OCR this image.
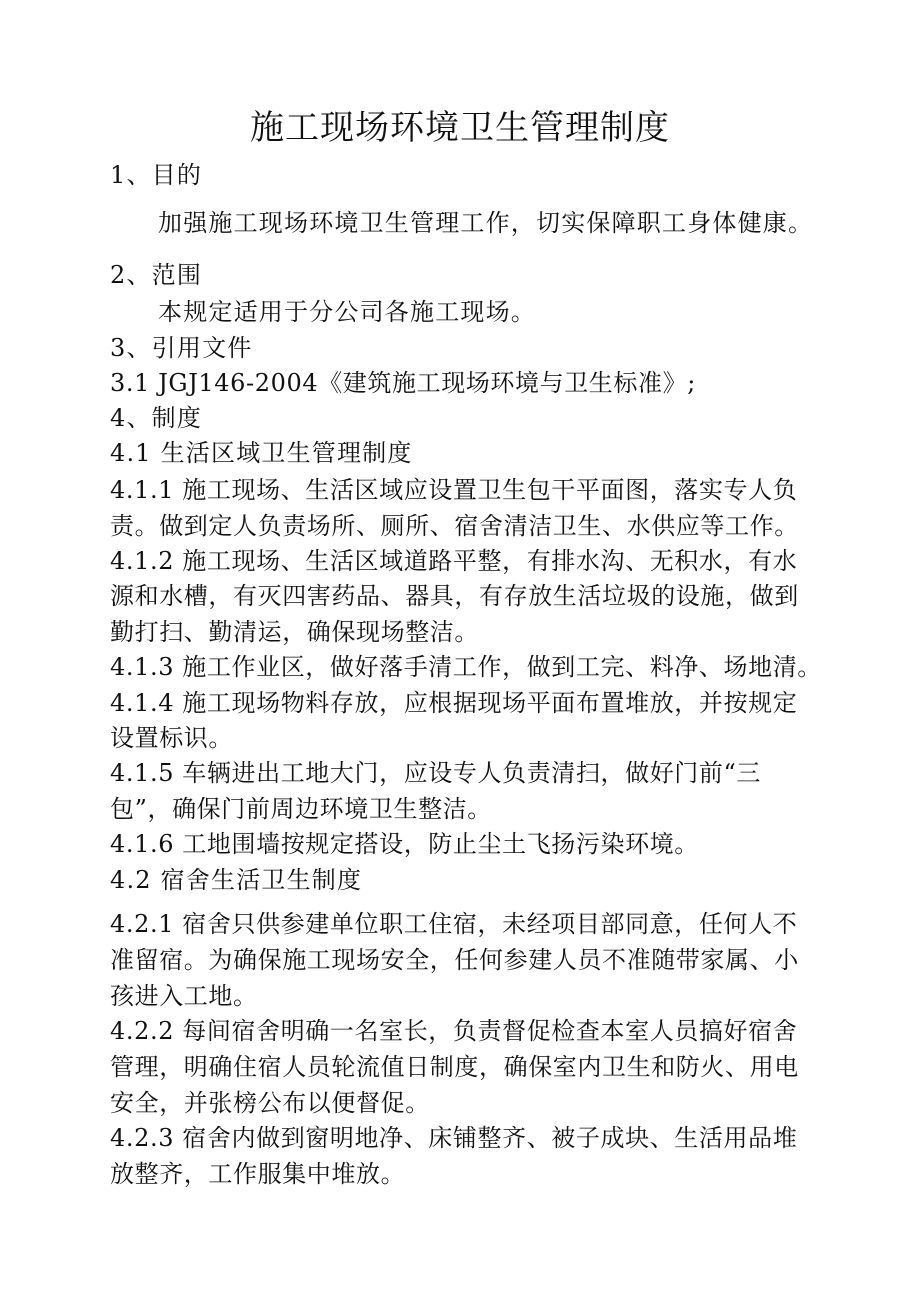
施工现场环境卫生管理制度
1、目的
加强施工现场环境卫生管理工作，切实保障职工身体健康。
2、范围
本规定适用于分公司各施工现场。
3、引用文件
3.1 JGJ146-2004《建筑施工现场环境与卫生标准》;
4、制度
4.1 生活区域卫生管理制度
4.1.1 施工现场、生活区域应设置卫生包干平面图，落实专人负
责。做到定人负责场所、厕所、宿舍清洁卫生、水供应等工作。
4.1.2 施工现场、生活区域道路平整，有排水沟、无积水，有水
源和水槽，有灭四害药品、器具，有存放生活垃圾的设施，做到
勤打扫、勤清运，确保现场整洁。
4.1.3 施工作业区，做好落手清工作，做到工完、料净、场地清。
4.1.4 施工现场物料存放，应根据现场平面布置堆放，并按规定
设置标识。
4.1.5 车辆进出工地大门，应设专人负责清扫，做好门前“三
包”，确保门前周边环境卫生整洁。
4.1.6 工地围墙按规定搭设，防止尘土飞扬污染环境。
4.2 宿舍生活卫生制度
4.2.1 宿舍只供参建单位职工住宿，未经项目部同意，任何人不
准留宿。为确保施工现场安全，任何参建人员不准随带家属、小
孩进入工地。
4.2.2 每间宿舍明确一名室长，负责督促检查本室人员搞好宿舍
管理，明确住宿人员轮流值日制度，确保室内卫生和防火、用电
安全，并张榜公布以便督促。
4.2.3 宿舍内做到窗明地净、床铺整齐、被子成块、生活用品堆
放整齐，工作服集中堆放。
